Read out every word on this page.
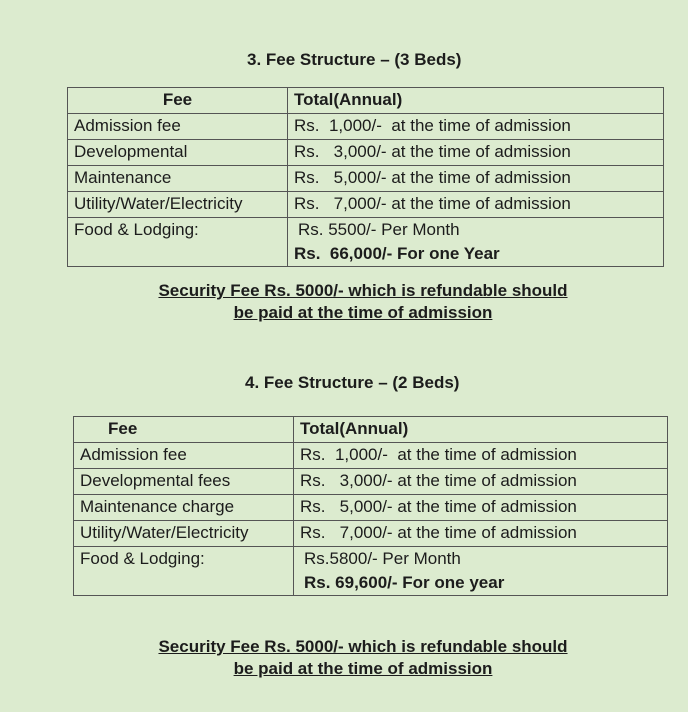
3. Fee Structure – (3 Beds)
Fee	Total(Annual)
Admission fee	Rs.  1,000/-  at the time of admission
Developmental	Rs.   3,000/- at the time of admission
Maintenance	Rs.   5,000/- at the time of admission
Utility/Water/Electricity	Rs.   7,000/- at the time of admission
Food & Lodging:	Rs. 5500/- Per Month
Rs.  66,000/- For one Year
Security Fee Rs. 5000/- which is refundable should
be paid at the time of admission
4. Fee Structure – (2 Beds)
Fee	Total(Annual)
Admission fee	Rs.  1,000/-  at the time of admission
Developmental fees	Rs.   3,000/- at the time of admission
Maintenance charge	Rs.   5,000/- at the time of admission
Utility/Water/Electricity	Rs.   7,000/- at the time of admission
Food & Lodging:	Rs.5800/- Per Month
Rs. 69,600/- For one year
Security Fee Rs. 5000/- which is refundable should
be paid at the time of admission
